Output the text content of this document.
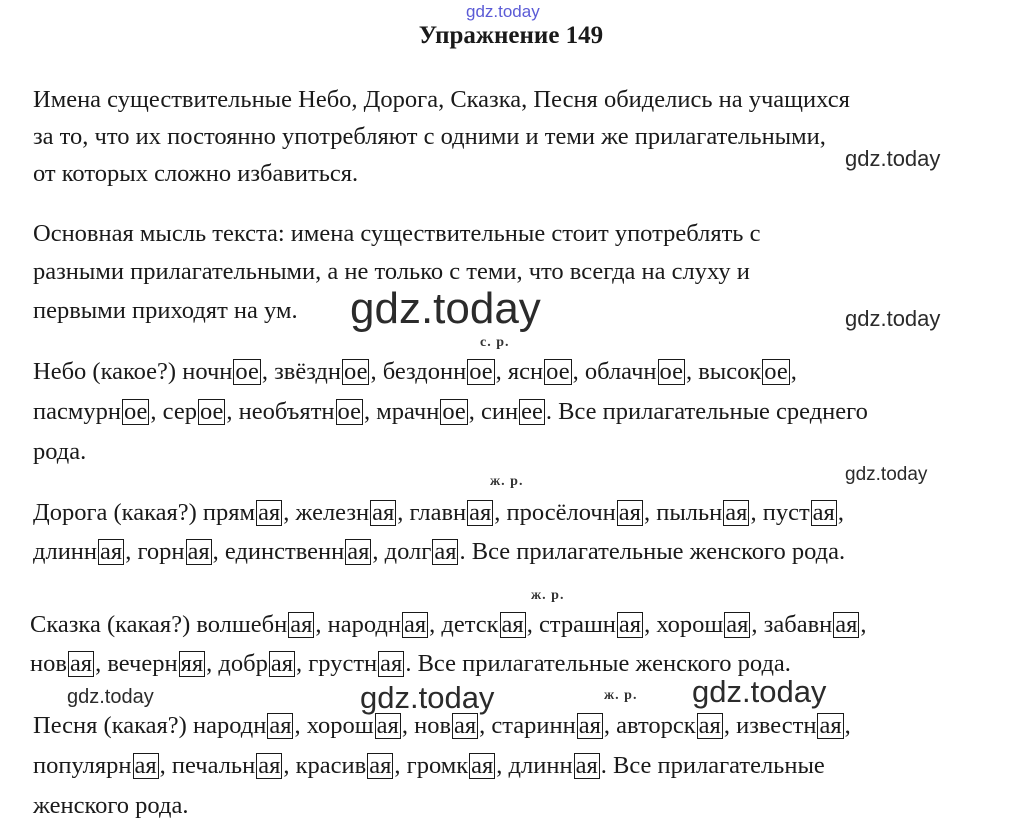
gdz.today
gdz.today
gdz.today	gdz.today
gdz.today
gdz.today	gdz.today	gdz.today
Упражнение 149
Имена существительные Небо, Дорога, Сказка, Песня обиделись на учащихся
за то, что их постоянно употребляют с одними и теми же прилагательными,
от которых сложно избавиться.
Основная мысль текста: имена существительные стоит употреблять с
разными прилагательными, а не только с теми, что всегда на слуху и
первыми приходят на ум.
с. р.
ж. р.
ж. р.
ж. р.
Небо (какое?) ночн ое , звёздн ое , бездонн ое , ясн ое , облачн ое , высок ое ,
пасмурн ое , сер ое , необъятн ое , мрачн ое , син ее . Все прилагательные среднего
рода.
Дорога (какая?) прям ая , железн ая , главн ая , просёлочн ая , пыльн ая , пуст ая ,
длинн ая , горн ая , единственн ая , долг ая . Все прилагательные женского рода.
Сказка (какая?) волшебн ая , народн ая , детск ая , страшн ая , хорош ая , забавн ая ,
нов ая , вечерн яя , добр ая , грустн ая . Все прилагательные женского рода.
Песня (какая?) народн ая , хорош ая , нов ая , старинн ая , авторск ая , известн ая ,
популярн ая , печальн ая , красив ая , громк ая , длинн ая . Все прилагательные
женского рода.
